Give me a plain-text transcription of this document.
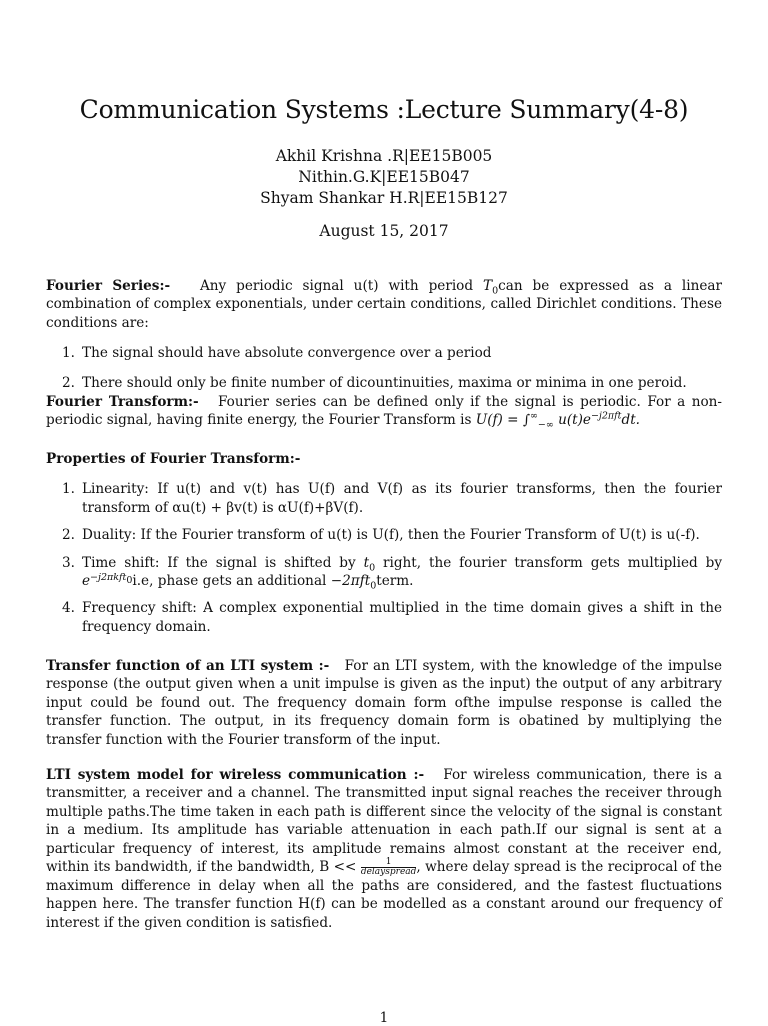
Communication Systems :Lecture Summary(4-8)
Akhil Krishna .R|EE15B005
Nithin.G.K|EE15B047
Shyam Shankar H.R|EE15B127
August 15, 2017

Fourier Series:- Any periodic signal u(t) with period $T_0can$ be expressed as a linear combination of complex exponentials, under certain conditions, called Dirichlet conditions. These conditions are:

1. The signal should have absolute convergence over a period
2. There should only be finite number of dicountinuities, maxima or minima in one peroid.

Fourier Transform:- Fourier series can be defined only if the signal is periodic. For a non-periodic signal, having finite energy, the Fourier Transform is $U(f) = \int^\infty_{-\infty}$ $u(t)e^{-j2\pi ft}dt$.

Properties of Fourier Transform:-

1. Linearity: If u(t) and v(t) has U(f) and V(f) as its fourier transforms, then the fourier transform of αu(t) + βv(t) is αU(f)+βV(f).
2. Duality: If the Fourier transform of u(t) is U(f), then the Fourier Transform of U(t) is u(-f).
3. Time shift: If the signal is shifted by $t_0$ right, the fourier transform gets multiplied by $e^{-j2\pi kft_0}i.e$, phase gets an additional −2πft$_0$term.
4. Frequency shift: A complex exponential multiplied in the time domain gives a shift in the frequency domain.

Transfer function of an LTI system :- For an LTI system, with the knowledge of the impulse response (the output given when a unit impulse is given as the input) the output of any arbitrary input could be found out. The frequency domain form ofthe impulse response is called the transfer function. The output, in its frequency domain form is obatined by multiplying the transfer function with the Fourier transform of the input.

LTI system model for wireless communication :- For wireless communication, there is a transmitter, a receiver and a channel. The transmitted input signal reaches the receiver through multiple paths.The time taken in each path is different since the velocity of the signal is constant in a medium. Its amplitude has variable attenuation in each path.If our signal is sent at a particular frequency of interest, its amplitude remains almost constant at the receiver end, within its bandwidth, if the bandwidth, $B << \frac{1}{\text{delayspread}}$ , where delay spread is the reciprocal of the maximum difference in delay when all the paths are considered, and the fastest fluctuations happen here. The transfer function H(f) can be modelled as a constant around our frequency of interest if the given condition is satisfied.

1
